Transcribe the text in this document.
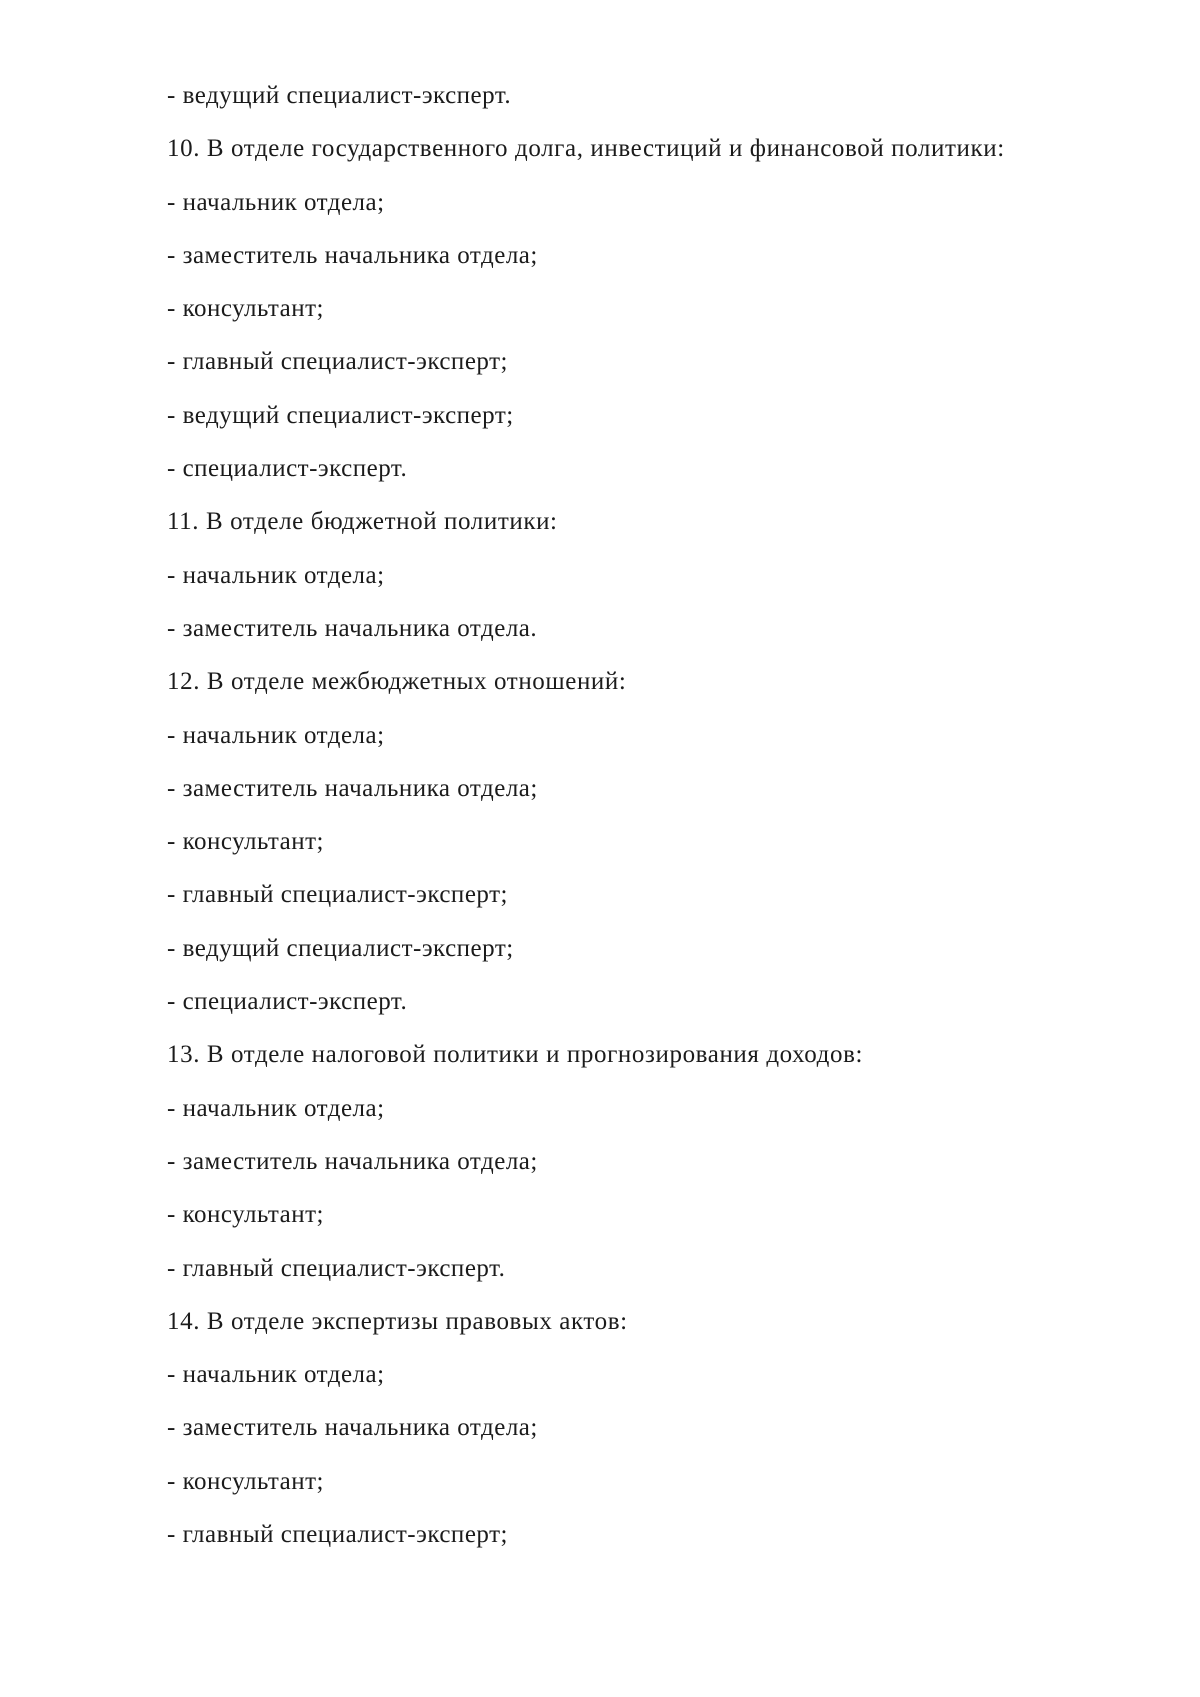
- ведущий специалист-эксперт.
10. В отделе государственного долга, инвестиций и финансовой политики:
- начальник отдела;
- заместитель начальника отдела;
- консультант;
- главный специалист-эксперт;
- ведущий специалист-эксперт;
- специалист-эксперт.
11. В отделе бюджетной политики:
- начальник отдела;
- заместитель начальника отдела.
12. В отделе межбюджетных отношений:
- начальник отдела;
- заместитель начальника отдела;
- консультант;
- главный специалист-эксперт;
- ведущий специалист-эксперт;
- специалист-эксперт.
13. В отделе налоговой политики и прогнозирования доходов:
- начальник отдела;
- заместитель начальника отдела;
- консультант;
- главный специалист-эксперт.
14. В отделе экспертизы правовых актов:
- начальник отдела;
- заместитель начальника отдела;
- консультант;
- главный специалист-эксперт;
